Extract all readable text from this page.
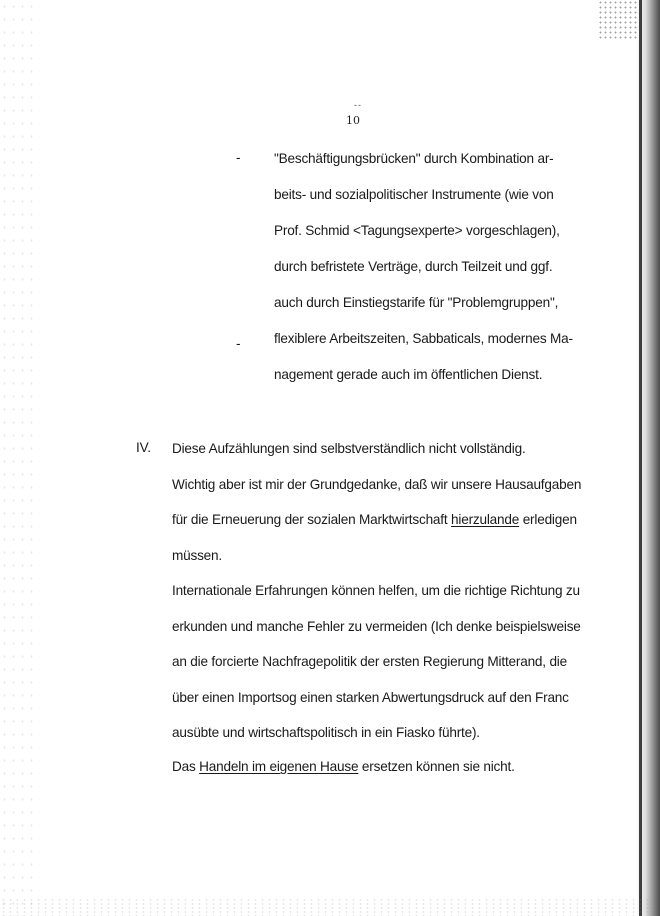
--
10
-	"Beschäftigungsbrücken" durch Kombination ar-
beits- und sozialpolitischer Instrumente (wie von
Prof. Schmid <Tagungsexperte> vorgeschlagen),
durch befristete Verträge, durch Teilzeit und ggf.
auch durch Einstiegstarife für "Problemgruppen",
-	flexiblere Arbeitszeiten, Sabbaticals, modernes Ma-
nagement gerade auch im öffentlichen Dienst.
IV. Diese Aufzählungen sind selbstverständlich nicht vollständig.
Wichtig aber ist mir der Grundgedanke, daß wir unsere Hausaufgaben
für die Erneuerung der sozialen Marktwirtschaft hierzulande erledigen
müssen.
Internationale Erfahrungen können helfen, um die richtige Richtung zu
erkunden und manche Fehler zu vermeiden (Ich denke beispielsweise
an die forcierte Nachfragepolitik der ersten Regierung Mitterand, die
über einen Importsog einen starken Abwertungsdruck auf den Franc
ausübte und wirtschaftspolitisch in ein Fiasko führte).
Das Handeln im eigenen Hause ersetzen können sie nicht.
